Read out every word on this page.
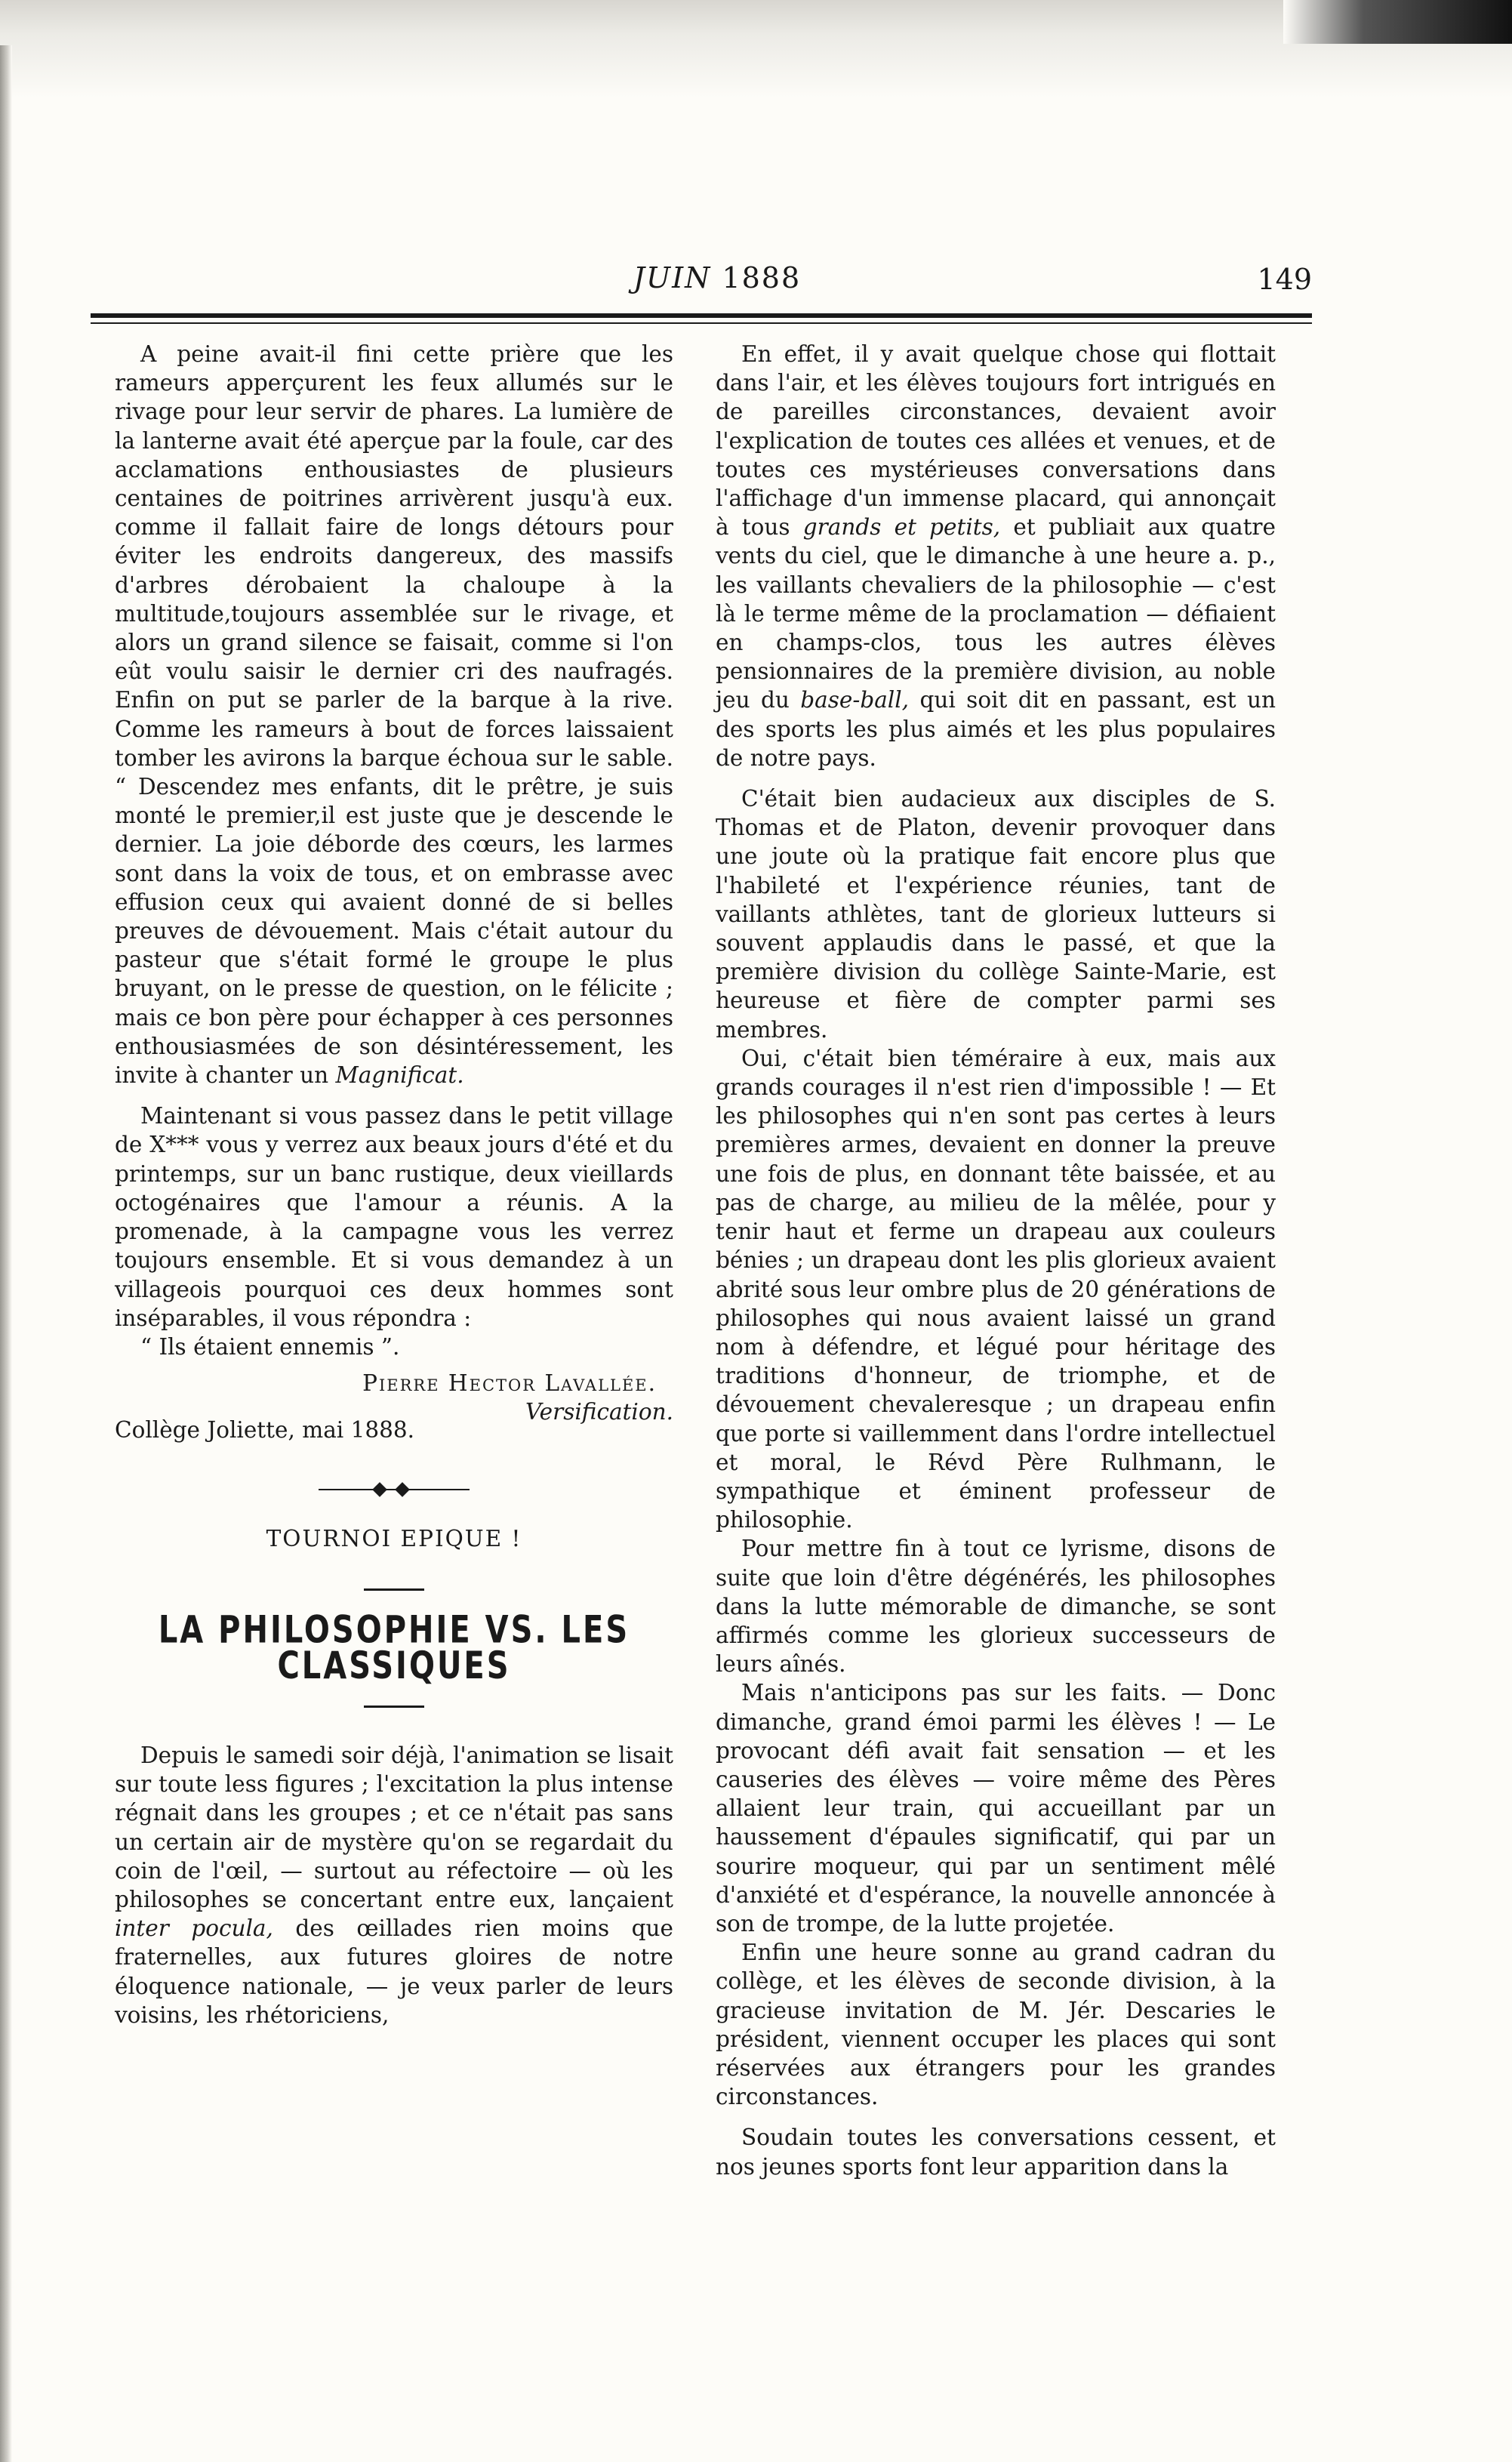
JUIN 1888	149

A peine avait-il fini cette prière que les rameurs apperçurent les feux allumés sur le rivage pour leur servir de phares. La lumière de la lanterne avait été aperçue par la foule, car des acclamations enthousiastes de plusieurs centaines de poitrines arrivèrent jusqu'à eux. comme il fallait faire de longs détours pour éviter les endroits dangereux, des massifs d'arbres dérobaient la chaloupe à la multitude,toujours assemblée sur le rivage, et alors un grand silence se faisait, comme si l'on eût voulu saisir le dernier cri des naufragés. Enfin on put se parler de la barque à la rive. Comme les rameurs à bout de forces laissaient tomber les avirons la barque échoua sur le sable. “ Descendez mes enfants, dit le prêtre, je suis monté le premier,il est juste que je descende le dernier. La joie déborde des cœurs, les larmes sont dans la voix de tous, et on embrasse avec effusion ceux qui avaient donné de si belles preuves de dévouement. Mais c'était autour du pasteur que s'était formé le groupe le plus bruyant, on le presse de question, on le félicite ; mais ce bon père pour échapper à ces personnes enthousiasmées de son désintéressement, les invite à chanter un Magnificat.

Maintenant si vous passez dans le petit village de X*** vous y verrez aux beaux jours d'été et du printemps, sur un banc rustique, deux vieillards octogénaires que l'amour a réunis. A la promenade, à la campagne vous les verrez toujours ensemble. Et si vous demandez à un villageois pourquoi ces deux hommes sont inséparables, il vous répondra :

“ Ils étaient ennemis ”.

Pierre Hector Lavallée.
Versification.
Collège Joliette, mai 1888.
TOURNOI EPIQUE !
LA PHILOSOPHIE VS. LES CLASSIQUES

Depuis le samedi soir déjà, l'animation se lisait sur toute less figures ; l'excitation la plus intense régnait dans les groupes ; et ce n'était pas sans un certain air de mystère qu'on se regardait du coin de l'œil, — surtout au réfectoire — où les philosophes se concertant entre eux, lançaient inter pocula, des œillades rien moins que fraternelles, aux futures gloires de notre éloquence nationale, — je veux parler de leurs voisins, les rhétoriciens,

En effet, il y avait quelque chose qui flottait dans l'air, et les élèves toujours fort intrigués en de pareilles circonstances, devaient avoir l'explication de toutes ces allées et venues, et de toutes ces mystérieuses conversations dans l'affichage d'un immense placard, qui annonçait à tous grands et petits, et publiait aux quatre vents du ciel, que le dimanche à une heure a. p., les vaillants chevaliers de la philosophie — c'est là le terme même de la proclamation — défiaient en champs-clos, tous les autres élèves pensionnaires de la première division, au noble jeu du base-ball, qui soit dit en passant, est un des sports les plus aimés et les plus populaires de notre pays.

C'était bien audacieux aux disciples de S. Thomas et de Platon, devenir provoquer dans une joute où la pratique fait encore plus que l'habileté et l'expérience réunies, tant de vaillants athlètes, tant de glorieux lutteurs si souvent applaudis dans le passé, et que la première division du collège Sainte-Marie, est heureuse et fière de compter parmi ses membres.

Oui, c'était bien téméraire à eux, mais aux grands courages il n'est rien d'impossible ! — Et les philosophes qui n'en sont pas certes à leurs premières armes, devaient en donner la preuve une fois de plus, en donnant tête baissée, et au pas de charge, au milieu de la mêlée, pour y tenir haut et ferme un drapeau aux couleurs bénies ; un drapeau dont les plis glorieux avaient abrité sous leur ombre plus de 20 générations de philosophes qui nous avaient laissé un grand nom à défendre, et légué pour héritage des traditions d'honneur, de triomphe, et de dévouement chevaleresque ; un drapeau enfin que porte si vaillemment dans l'ordre intellectuel et moral, le Révd Père Rulhmann, le sympathique et éminent professeur de philosophie.

Pour mettre fin à tout ce lyrisme, disons de suite que loin d'être dégénérés, les philosophes dans la lutte mémorable de dimanche, se sont affirmés comme les glorieux successeurs de leurs aînés.

Mais n'anticipons pas sur les faits. — Donc dimanche, grand émoi parmi les élèves ! — Le provocant défi avait fait sensation — et les causeries des élèves — voire même des Pères allaient leur train, qui accueillant par un haussement d'épaules significatif, qui par un sourire moqueur, qui par un sentiment mêlé d'anxiété et d'espérance, la nouvelle annoncée à son de trompe, de la lutte projetée.

Enfin une heure sonne au grand cadran du collège, et les élèves de seconde division, à la gracieuse invitation de M. Jér. Descaries le président, viennent occuper les places qui sont réservées aux étrangers pour les grandes circonstances.

Soudain toutes les conversations cessent, et nos jeunes sports font leur apparition dans la
